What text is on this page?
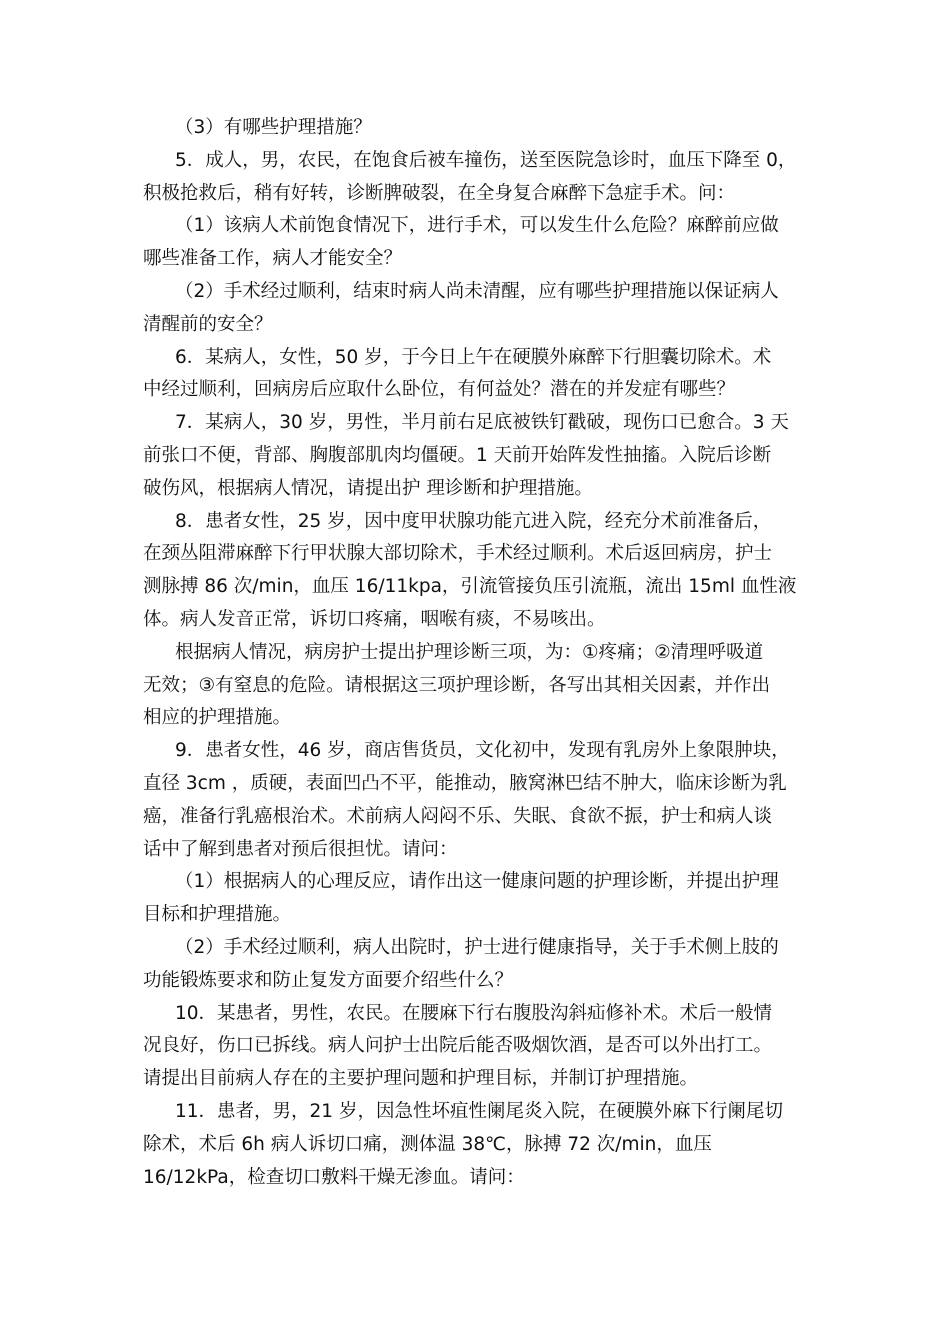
（3）有哪些护理措施？
5．成人，男，农民，在饱食后被车撞伤，送至医院急诊时，血压下降至 0，
积极抢救后，稍有好转，诊断脾破裂，在全身复合麻醉下急症手术。问：
（1）该病人术前饱食情况下，进行手术，可以发生什么危险？麻醉前应做
哪些准备工作，病人才能安全？
（2）手术经过顺利，结束时病人尚未清醒，应有哪些护理措施以保证病人
清醒前的安全？
6．某病人，女性，50 岁，于今日上午在硬膜外麻醉下行胆囊切除术。术
中经过顺利，回病房后应取什么卧位，有何益处？潜在的并发症有哪些？
7．某病人，30 岁，男性，半月前右足底被铁钉戳破，现伤口已愈合。3 天
前张口不便，背部、胸腹部肌肉均僵硬。1 天前开始阵发性抽搐。入院后诊断
破伤风，根据病人情况，请提出护 理诊断和护理措施。
8．患者女性，25 岁，因中度甲状腺功能亢进入院，经充分术前准备后，
在颈丛阻滞麻醉下行甲状腺大部切除术，手术经过顺利。术后返回病房，护士
测脉搏 86 次/min，血压 16/11kpa，引流管接负压引流瓶，流出 15ml 血性液
体。病人发音正常，诉切口疼痛，咽喉有痰，不易咳出。
根据病人情况，病房护士提出护理诊断三项，为：①疼痛；②清理呼吸道
无效；③有窒息的危险。请根据这三项护理诊断，各写出其相关因素，并作出
相应的护理措施。
9．患者女性，46 岁，商店售货员，文化初中，发现有乳房外上象限肿块，
直径 3cm ，质硬，表面凹凸不平，能推动，腋窝淋巴结不肿大，临床诊断为乳
癌，准备行乳癌根治术。术前病人闷闷不乐、失眠、食欲不振，护士和病人谈
话中了解到患者对预后很担忧。请问：
（1）根据病人的心理反应，请作出这一健康问题的护理诊断，并提出护理
目标和护理措施。
（2）手术经过顺利，病人出院时，护士进行健康指导，关于手术侧上肢的
功能锻炼要求和防止复发方面要介绍些什么？
10．某患者，男性，农民。在腰麻下行右腹股沟斜疝修补术。术后一般情
况良好，伤口已拆线。病人问护士出院后能否吸烟饮酒，是否可以外出打工。
请提出目前病人存在的主要护理问题和护理目标，并制订护理措施。
11．患者，男，21 岁，因急性坏疽性阑尾炎入院，在硬膜外麻下行阑尾切
除术，术后 6h 病人诉切口痛，测体温 38℃，脉搏 72 次/min，血压
16/12kPa，检查切口敷料干燥无渗血。请问：
